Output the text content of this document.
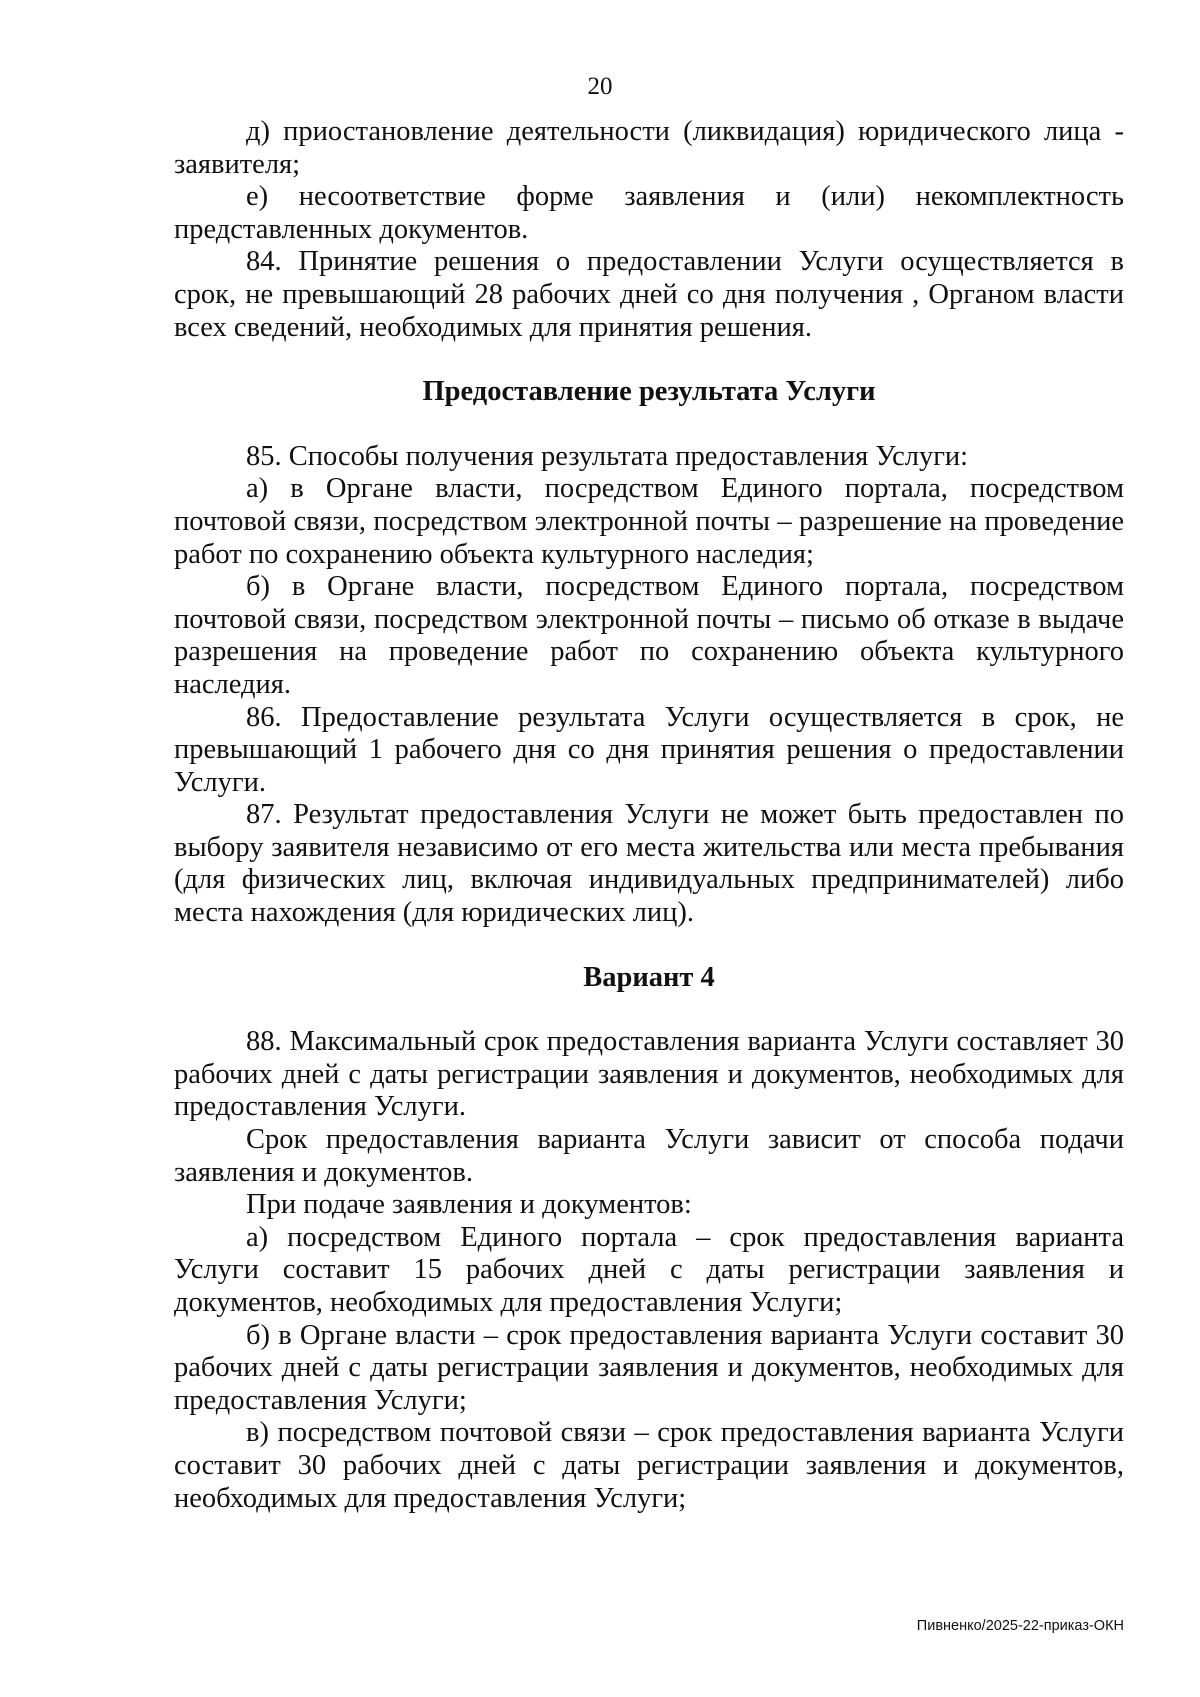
20

д) приостановление деятельности (ликвидация) юридического лица - заявителя;

е) несоответствие форме заявления и (или) некомплектность представленных документов.

84. Принятие решения о предоставлении Услуги осуществляется в срок, не превышающий 28 рабочих дней со дня получения , Органом власти всех сведений, необходимых для принятия решения.

Предоставление результата Услуги

85. Способы получения результата предоставления Услуги:

а) в Органе власти, посредством Единого портала, посредством почтовой связи, посредством электронной почты – разрешение на проведение работ по сохранению объекта культурного наследия;

б) в Органе власти, посредством Единого портала, посредством почтовой связи, посредством электронной почты – письмо об отказе в выдаче разрешения на проведение работ по сохранению объекта культурного наследия.

86. Предоставление результата Услуги осуществляется в срок, не превышающий 1 рабочего дня со дня принятия решения о предоставлении Услуги.

87. Результат предоставления Услуги не может быть предоставлен по выбору заявителя независимо от его места жительства или места пребывания (для физических лиц, включая индивидуальных предпринимателей) либо места нахождения (для юридических лиц).

Вариант 4

88. Максимальный срок предоставления варианта Услуги составляет 30 рабочих дней с даты регистрации заявления и документов, необходимых для предоставления Услуги.

Срок предоставления варианта Услуги зависит от способа подачи заявления и документов.

При подаче заявления и документов:

а) посредством Единого портала – срок предоставления варианта Услуги составит 15 рабочих дней с даты регистрации заявления и документов, необходимых для предоставления Услуги;

б) в Органе власти – срок предоставления варианта Услуги составит 30 рабочих дней с даты регистрации заявления и документов, необходимых для предоставления Услуги;

в) посредством почтовой связи – срок предоставления варианта Услуги составит 30 рабочих дней с даты регистрации заявления и документов, необходимых для предоставления Услуги;

Пивненко/2025-22-приказ-ОКН
